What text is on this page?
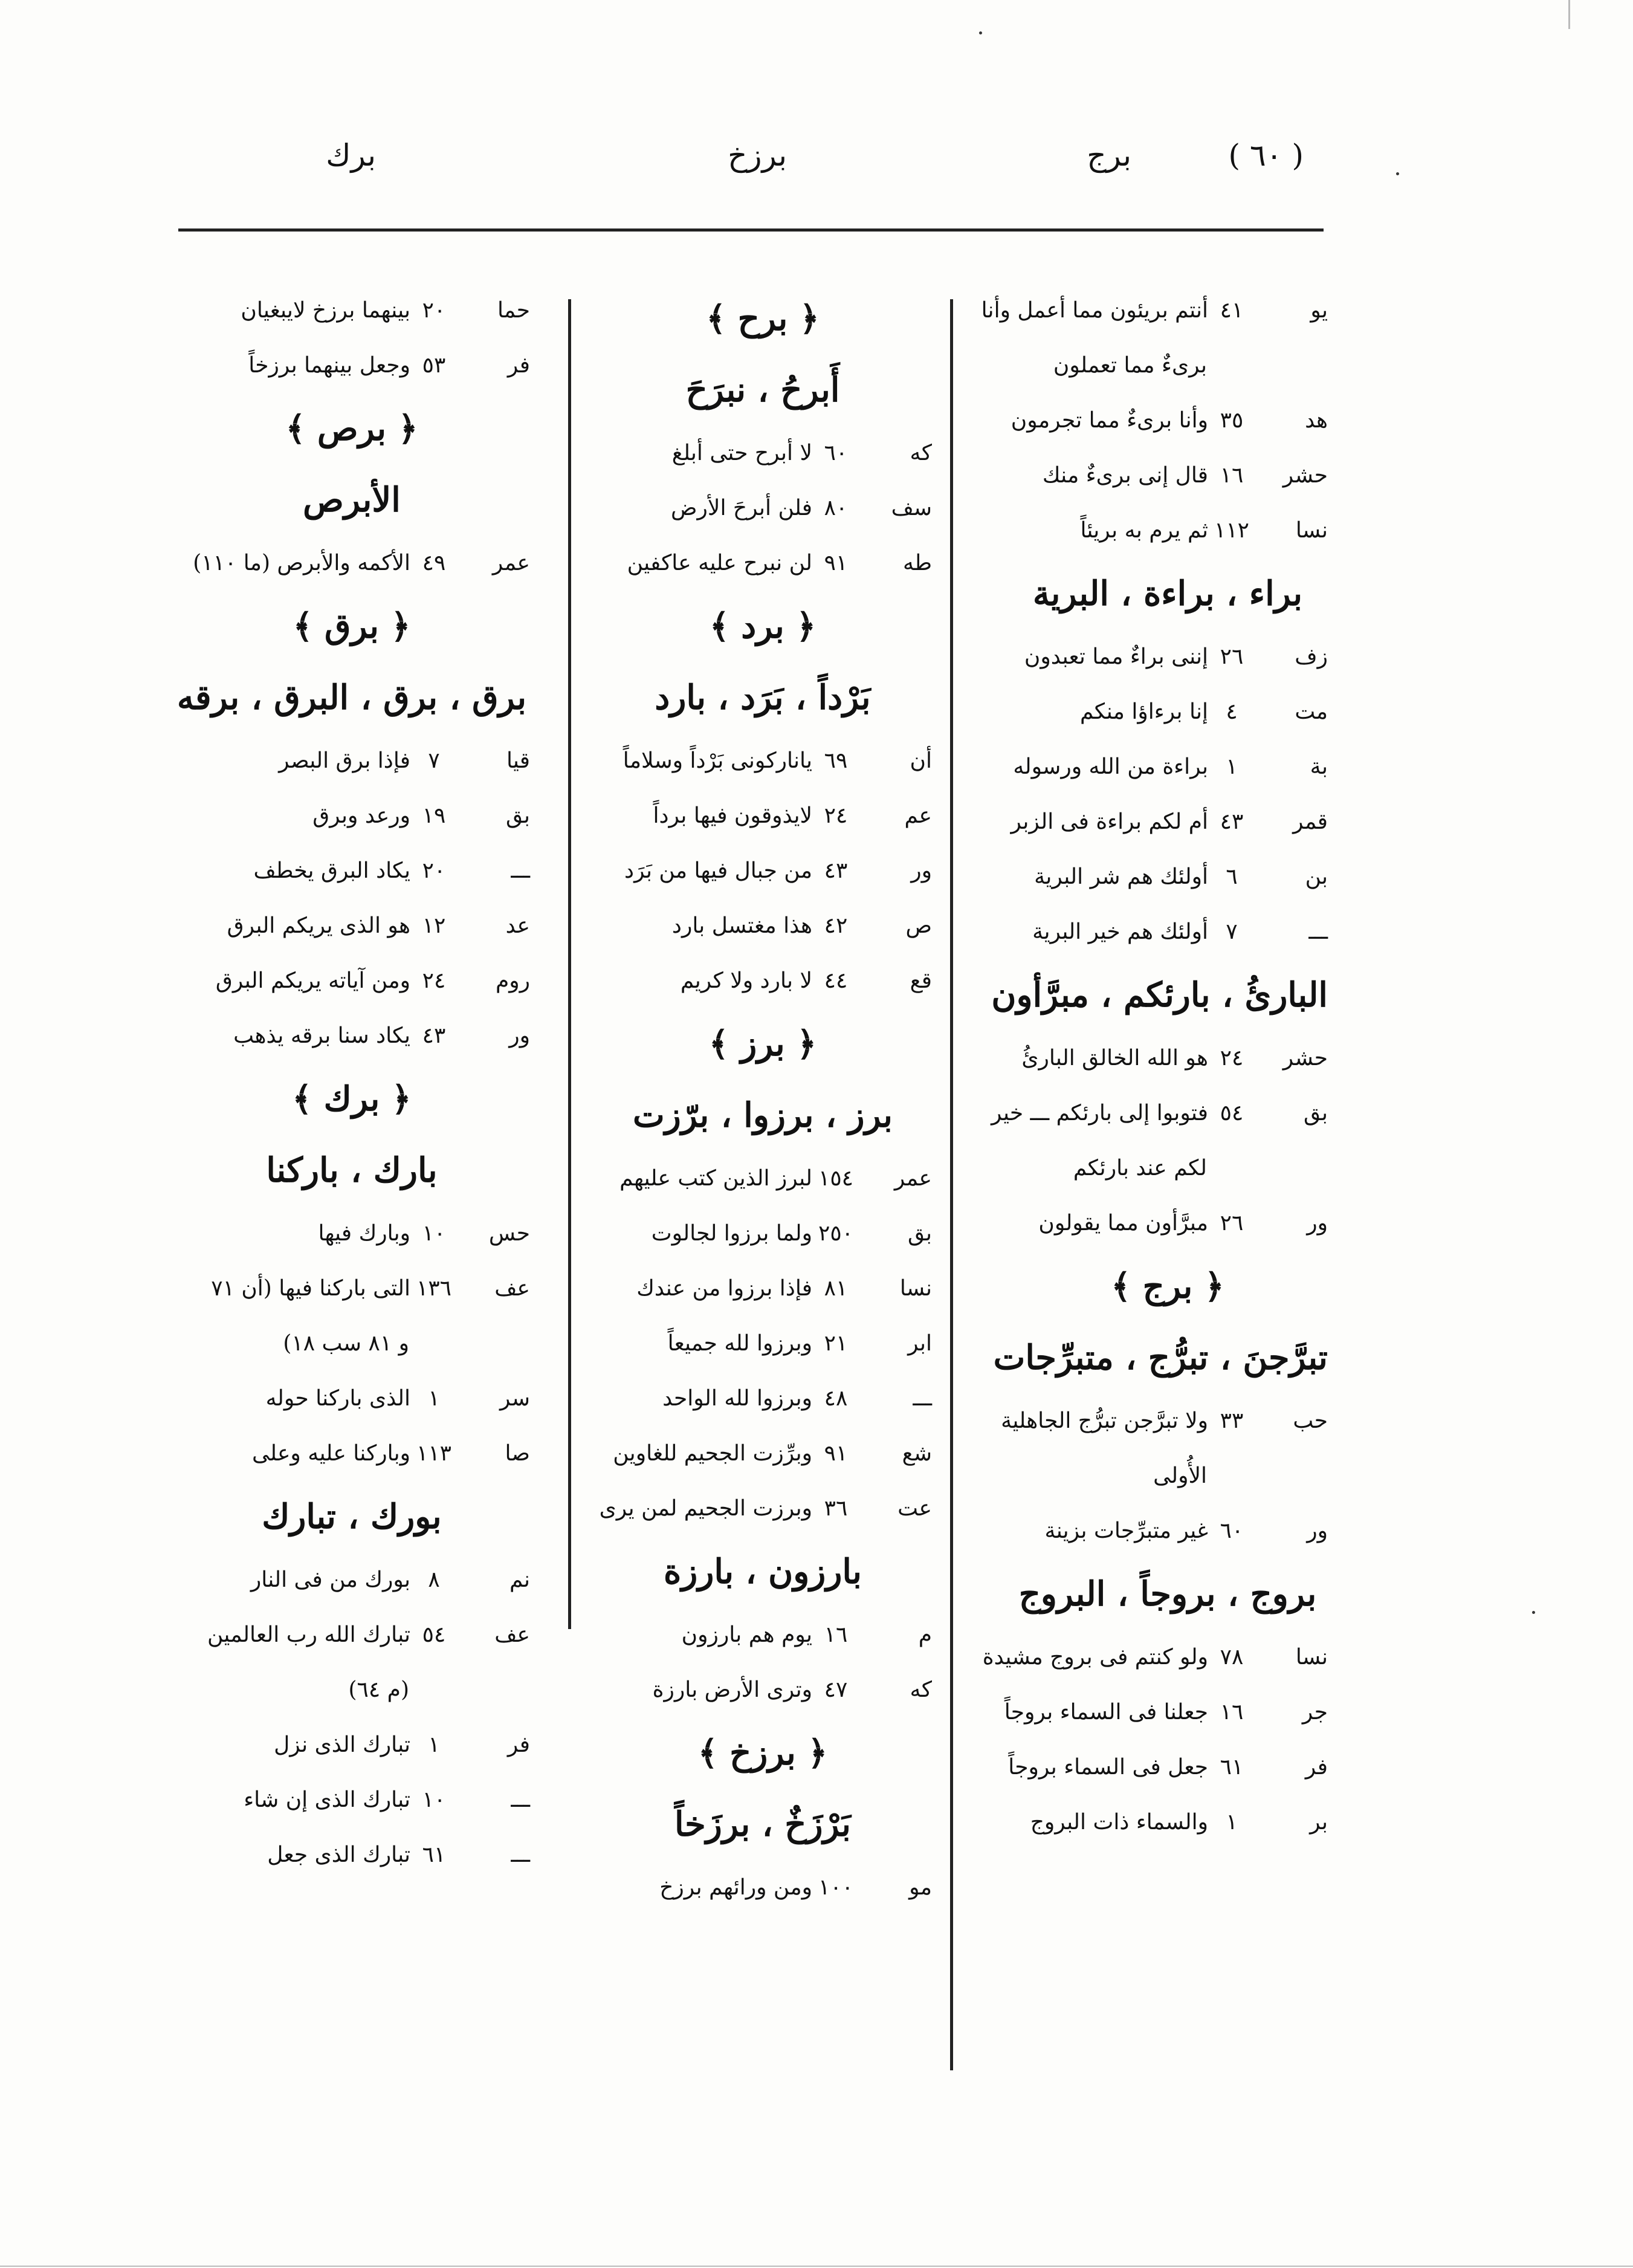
( ٦٠ )
برج
برزخ
برك
يو
٤١
أنتم بريئون مما أعمل وأنا
برىءٌ مما تعملون
هد
٣٥
وأنا برىءٌ مما تجرمون
حشر
١٦
قال إنى برىءٌ منك
نسا
١١٢
ثم يرم به بريئاً
براء ، براءة ، البرية
زف
٢٦
إننى براءٌ مما تعبدون
مت
٤
إنا برءاؤا منكم
بة
١
براءة من الله ورسوله
قمر
٤٣
أم لكم براءة فى الزبر
بن
٦
أولئك هم شر البرية
ـــ
٧
أولئك هم خير البرية
البارئُ ، بارئكم ، مبرَّأون
حشر
٢٤
هو الله الخالق البارئُ
بق
٥٤
فتوبوا إلى بارئكم ـــ خير
لكم عند بارئكم
ور
٢٦
مبرَّأون مما يقولون
﴿ برج ﴾
تبرَّجنَ ، تبرُّج ، متبرِّجات
حب
٣٣
ولا تبرَّجن تبرُّج الجاهلية
الأُولى
ور
٦٠
غير متبرِّجات بزينة
بروج ، بروجاً ، البروج
نسا
٧٨
ولو كنتم فى بروج مشيدة
جر
١٦
جعلنا فى السماء بروجاً
فر
٦١
جعل فى السماء بروجاً
بر
١
والسماء ذات البروج
﴿ برح ﴾
أَبرحُ ، نبرَحَ
كه
٦٠
لا أبرح حتى أبلغ
سف
٨٠
فلن أبرحَ الأرض
طه
٩١
لن نبرح عليه عاكفين
﴿ برد ﴾
بَرْداً ، بَرَد ، بارد
أن
٦٩
ياناركونى بَرْداً وسلاماً
عم
٢٤
لايذوقون فيها برداً
ور
٤٣
من جبال فيها من بَرَد
ص
٤٢
هذا مغتسل بارد
قع
٤٤
لا بارد ولا كريم
﴿ برز ﴾
برز ، برزوا ، برّزت
عمر
١٥٤
لبرز الذين كتب عليهم
بق
٢٥٠
ولما برزوا لجالوت
نسا
٨١
فإذا برزوا من عندك
ابر
٢١
وبرزوا لله جميعاً
ـــ
٤٨
وبرزوا لله الواحد
شع
٩١
وبرِّزت الجحيم للغاوين
عت
٣٦
وبرزت الجحيم لمن يرى
بارزون ، بارزة
م
١٦
يوم هم بارزون
كه
٤٧
وترى الأرض بارزة
﴿ برزخ ﴾
بَرْزَخٌ ، برزَخاً
مو
١٠٠
ومن ورائهم برزخ
حما
٢٠
بينهما برزخ لايبغيان
فر
٥٣
وجعل بينهما برزخاً
﴿ برص ﴾
الأبرص
عمر
٤٩
الأكمه والأبرص (ما ١١٠)
﴿ برق ﴾
برق ، برق ، البرق ، برقه
قيا
٧
فإذا برق البصر
بق
١٩
ورعد وبرق
ـــ
٢٠
يكاد البرق يخطف
عد
١٢
هو الذى يريكم البرق
روم
٢٤
ومن آياته يريكم البرق
ور
٤٣
يكاد سنا برقه يذهب
﴿ برك ﴾
بارك ، باركنا
حس
١٠
وبارك فيها
عف
١٣٦
التى باركنا فيها (أن ٧١
و ٨١ سب ١٨)
سر
١
الذى باركنا حوله
صا
١١٣
وباركنا عليه وعلى
بورك ، تبارك
نم
٨
بورك من فى النار
عف
٥٤
تبارك الله رب العالمين
(م ٦٤)
فر
١
تبارك الذى نزل
ـــ
١٠
تبارك الذى إن شاء
ـــ
٦١
تبارك الذى جعل
